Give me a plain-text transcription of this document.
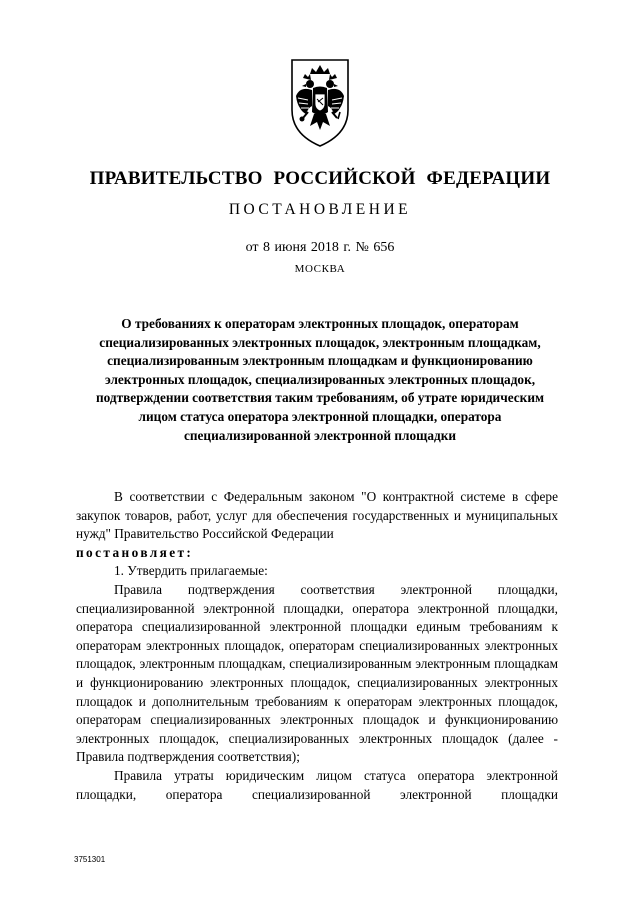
ПРАВИТЕЛЬСТВО РОССИЙСКОЙ ФЕДЕРАЦИИ
ПОСТАНОВЛЕНИЕ
от 8 июня 2018 г. № 656
МОСКВА
О требованиях к операторам электронных площадок, операторам специализированных электронных площадок, электронным площадкам, специализированным электронным площадкам и функционированию электронных площадок, специализированных электронных площадок, подтверждении соответствия таким требованиям, об утрате юридическим лицом статуса оператора электронной площадки, оператора специализированной электронной площадки

В соответствии с Федеральным законом "О контрактной системе в сфере закупок товаров, работ, услуг для обеспечения государственных и муниципальных нужд" Правительство Российской Федерации

постановляет:

1. Утвердить прилагаемые:

Правила подтверждения соответствия электронной площадки, специализированной электронной площадки, оператора электронной площадки, оператора специализированной электронной площадки единым требованиям к операторам электронных площадок, операторам специализированных электронных площадок, электронным площадкам, специализированным электронным площадкам и функционированию электронных площадок, специализированных электронных площадок и дополнительным требованиям к операторам электронных площадок, операторам специализированных электронных площадок и функционированию электронных площадок, специализированных электронных площадок (далее - Правила подтверждения соответствия);

Правила утраты юридическим лицом статуса оператора электронной площадки, оператора специализированной электронной площадки

3751301
